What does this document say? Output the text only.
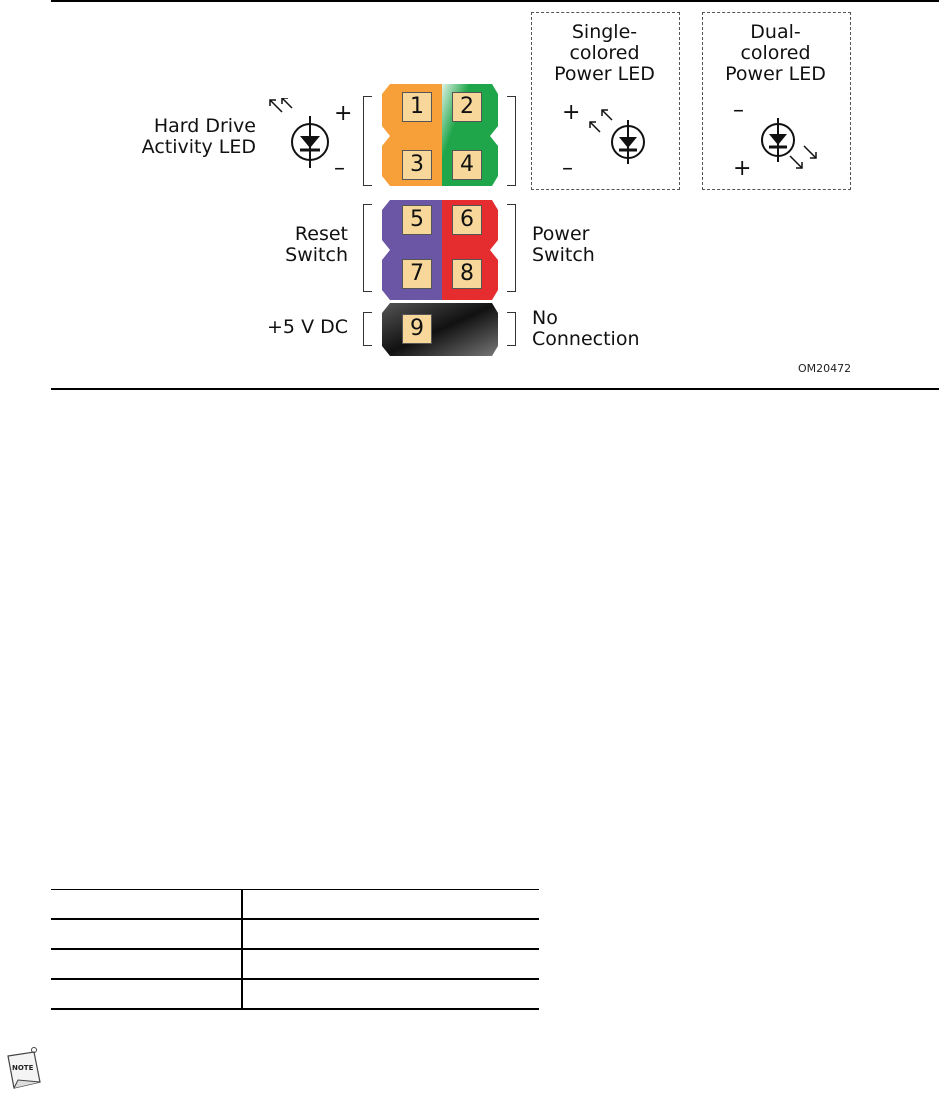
1	2
3	4
5	6
7	8
9
Hard Drive
Activity LED
Reset
Switch
+5 V DC
Power
Switch
No
Connection
+
–
Single-
colored
Power LED
+
–
Dual-
colored
Power LED
–
+
OM20472

NOTE
